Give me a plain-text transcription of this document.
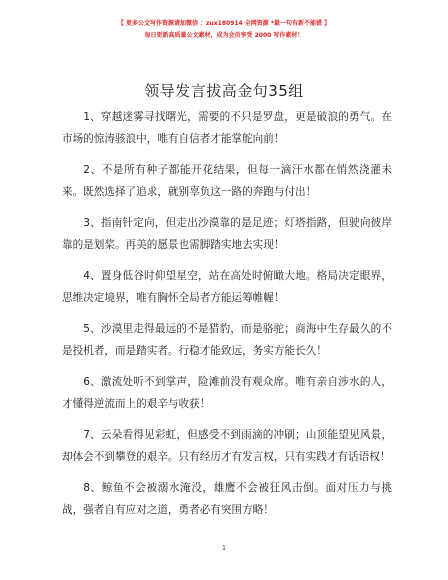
【 更多公文写作资源请加微信 ：zux180914 全网资源 *最一句有新不能错 】
每日更新高质量公文素材，成为会员享受 2000 写作素材！
领导发言拔高金句35组

1、穿越迷雾寻找曙光，需要的不只是罗盘，更是破浪的勇气。在市场的惊涛骇浪中，唯有自信者才能掌舵向前！

2、不是所有种子都能开花结果，但每一滴汗水都在悄然浇灌未来。既然选择了追求，就别辜负这一路的奔跑与付出！

3、指南针定向，但走出沙漠靠的是足迹；灯塔指路，但驶向彼岸靠的是划桨。再美的愿景也需脚踏实地去实现！

4、置身低谷时仰望星空，站在高处时俯瞰大地。格局决定眼界，思维决定境界，唯有胸怀全局者方能运筹帷幄！

5、沙漠里走得最远的不是猎豹，而是骆驼；商海中生存最久的不是投机者，而是踏实者。行稳才能致远，务实方能长久！

6、激流处听不到掌声，险滩前没有观众席。唯有亲自涉水的人，才懂得逆流而上的艰辛与收获！

7、云朵看得见彩虹，但感受不到雨滴的冲刷；山顶能望见风景，却体会不到攀登的艰辛。只有经历才有发言权，只有实践才有话语权！

8、鲸鱼不会被溺水淹没，雄鹰不会被狂风击倒。面对压力与挑战，强者自有应对之道，勇者必有突围方略！

1
